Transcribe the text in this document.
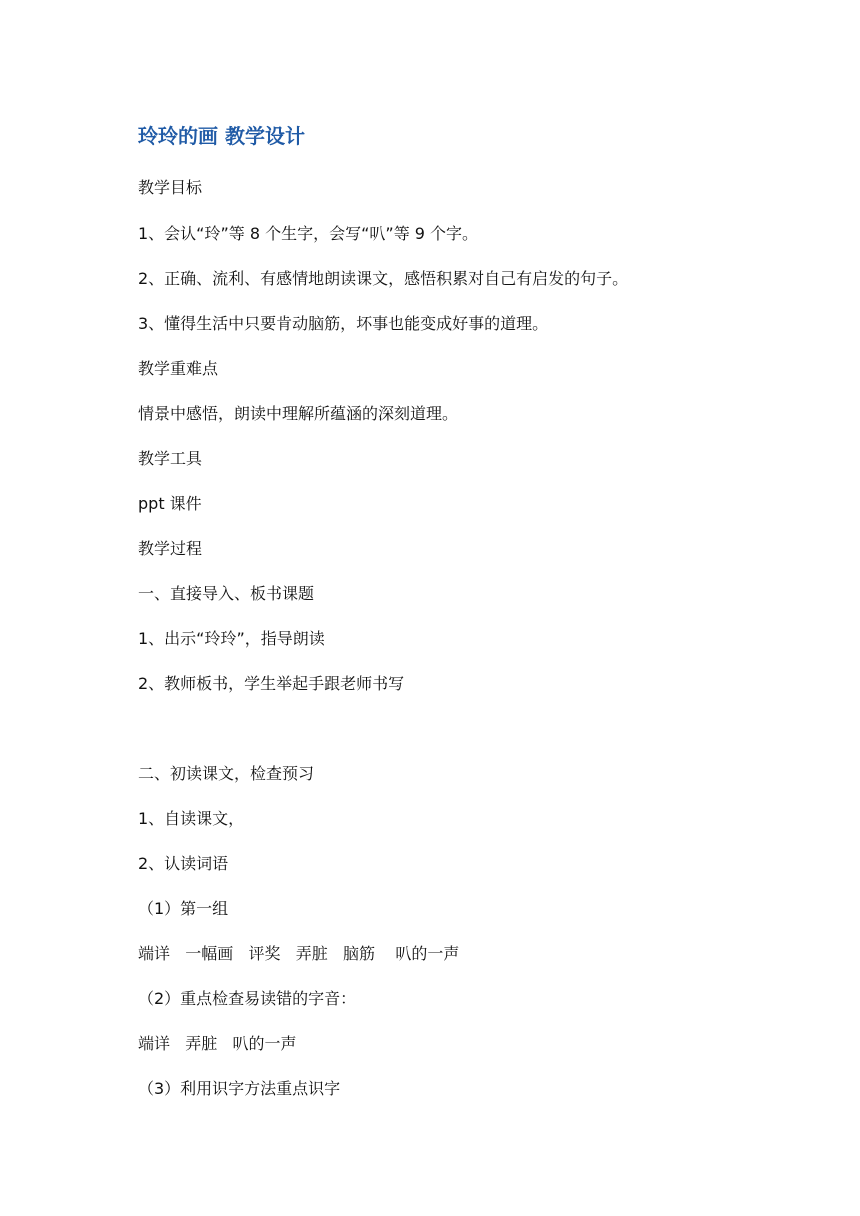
玲玲的画 教学设计

教学目标

1、会认“玲”等 8 个生字，会写“叭”等 9 个字。

2、正确、流利、有感情地朗读课文，感悟积累对自己有启发的句子。

3、懂得生活中只要肯动脑筋，坏事也能变成好事的道理。

教学重难点

情景中感悟，朗读中理解所蕴涵的深刻道理。

教学工具

ppt 课件

教学过程

一、直接导入、板书课题

1、出示“玲玲”，指导朗读

2、教师板书，学生举起手跟老师书写

二、初读课文，检查预习

1、自读课文，

2、认读词语

（1）第一组

端详   一幅画   评奖   弄脏   脑筋    叭的一声

（2）重点检查易读错的字音：

端详   弄脏   叭的一声

（3）利用识字方法重点识字
